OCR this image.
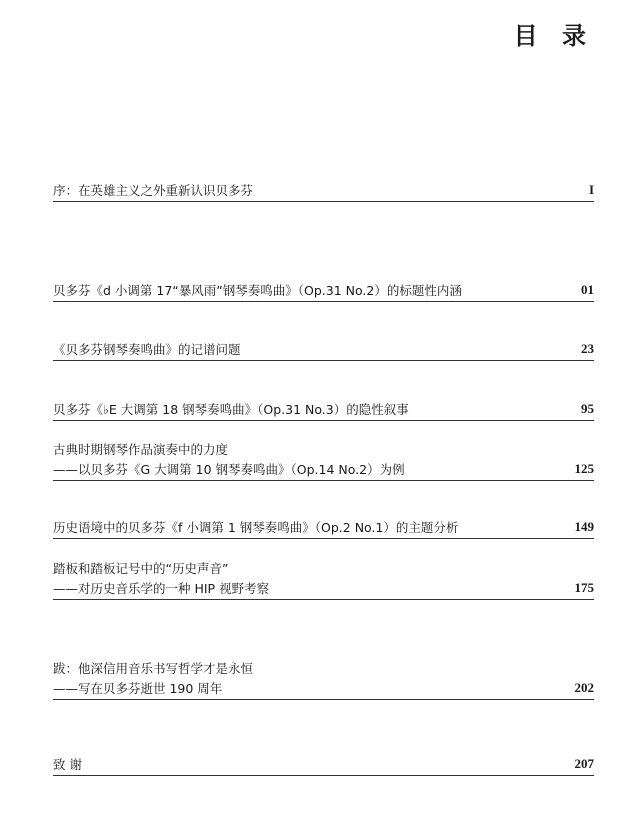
目 录
序：在英雄主义之外重新认识贝多芬	I
贝多芬《d 小调第 17“暴风雨”钢琴奏鸣曲》（Op.31 No.2）的标题性内涵	01
《贝多芬钢琴奏鸣曲》的记谱问题	23
贝多芬《♭E 大调第 18 钢琴奏鸣曲》（Op.31 No.3）的隐性叙事	95
古典时期钢琴作品演奏中的力度
——以贝多芬《G 大调第 10 钢琴奏鸣曲》（Op.14 No.2）为例	125
历史语境中的贝多芬《f 小调第 1 钢琴奏鸣曲》（Op.2 No.1）的主题分析	149
踏板和踏板记号中的“历史声音”
——对历史音乐学的一种 HIP 视野考察	175
跋：他深信用音乐书写哲学才是永恒
——写在贝多芬逝世 190 周年	202
致 谢	207
